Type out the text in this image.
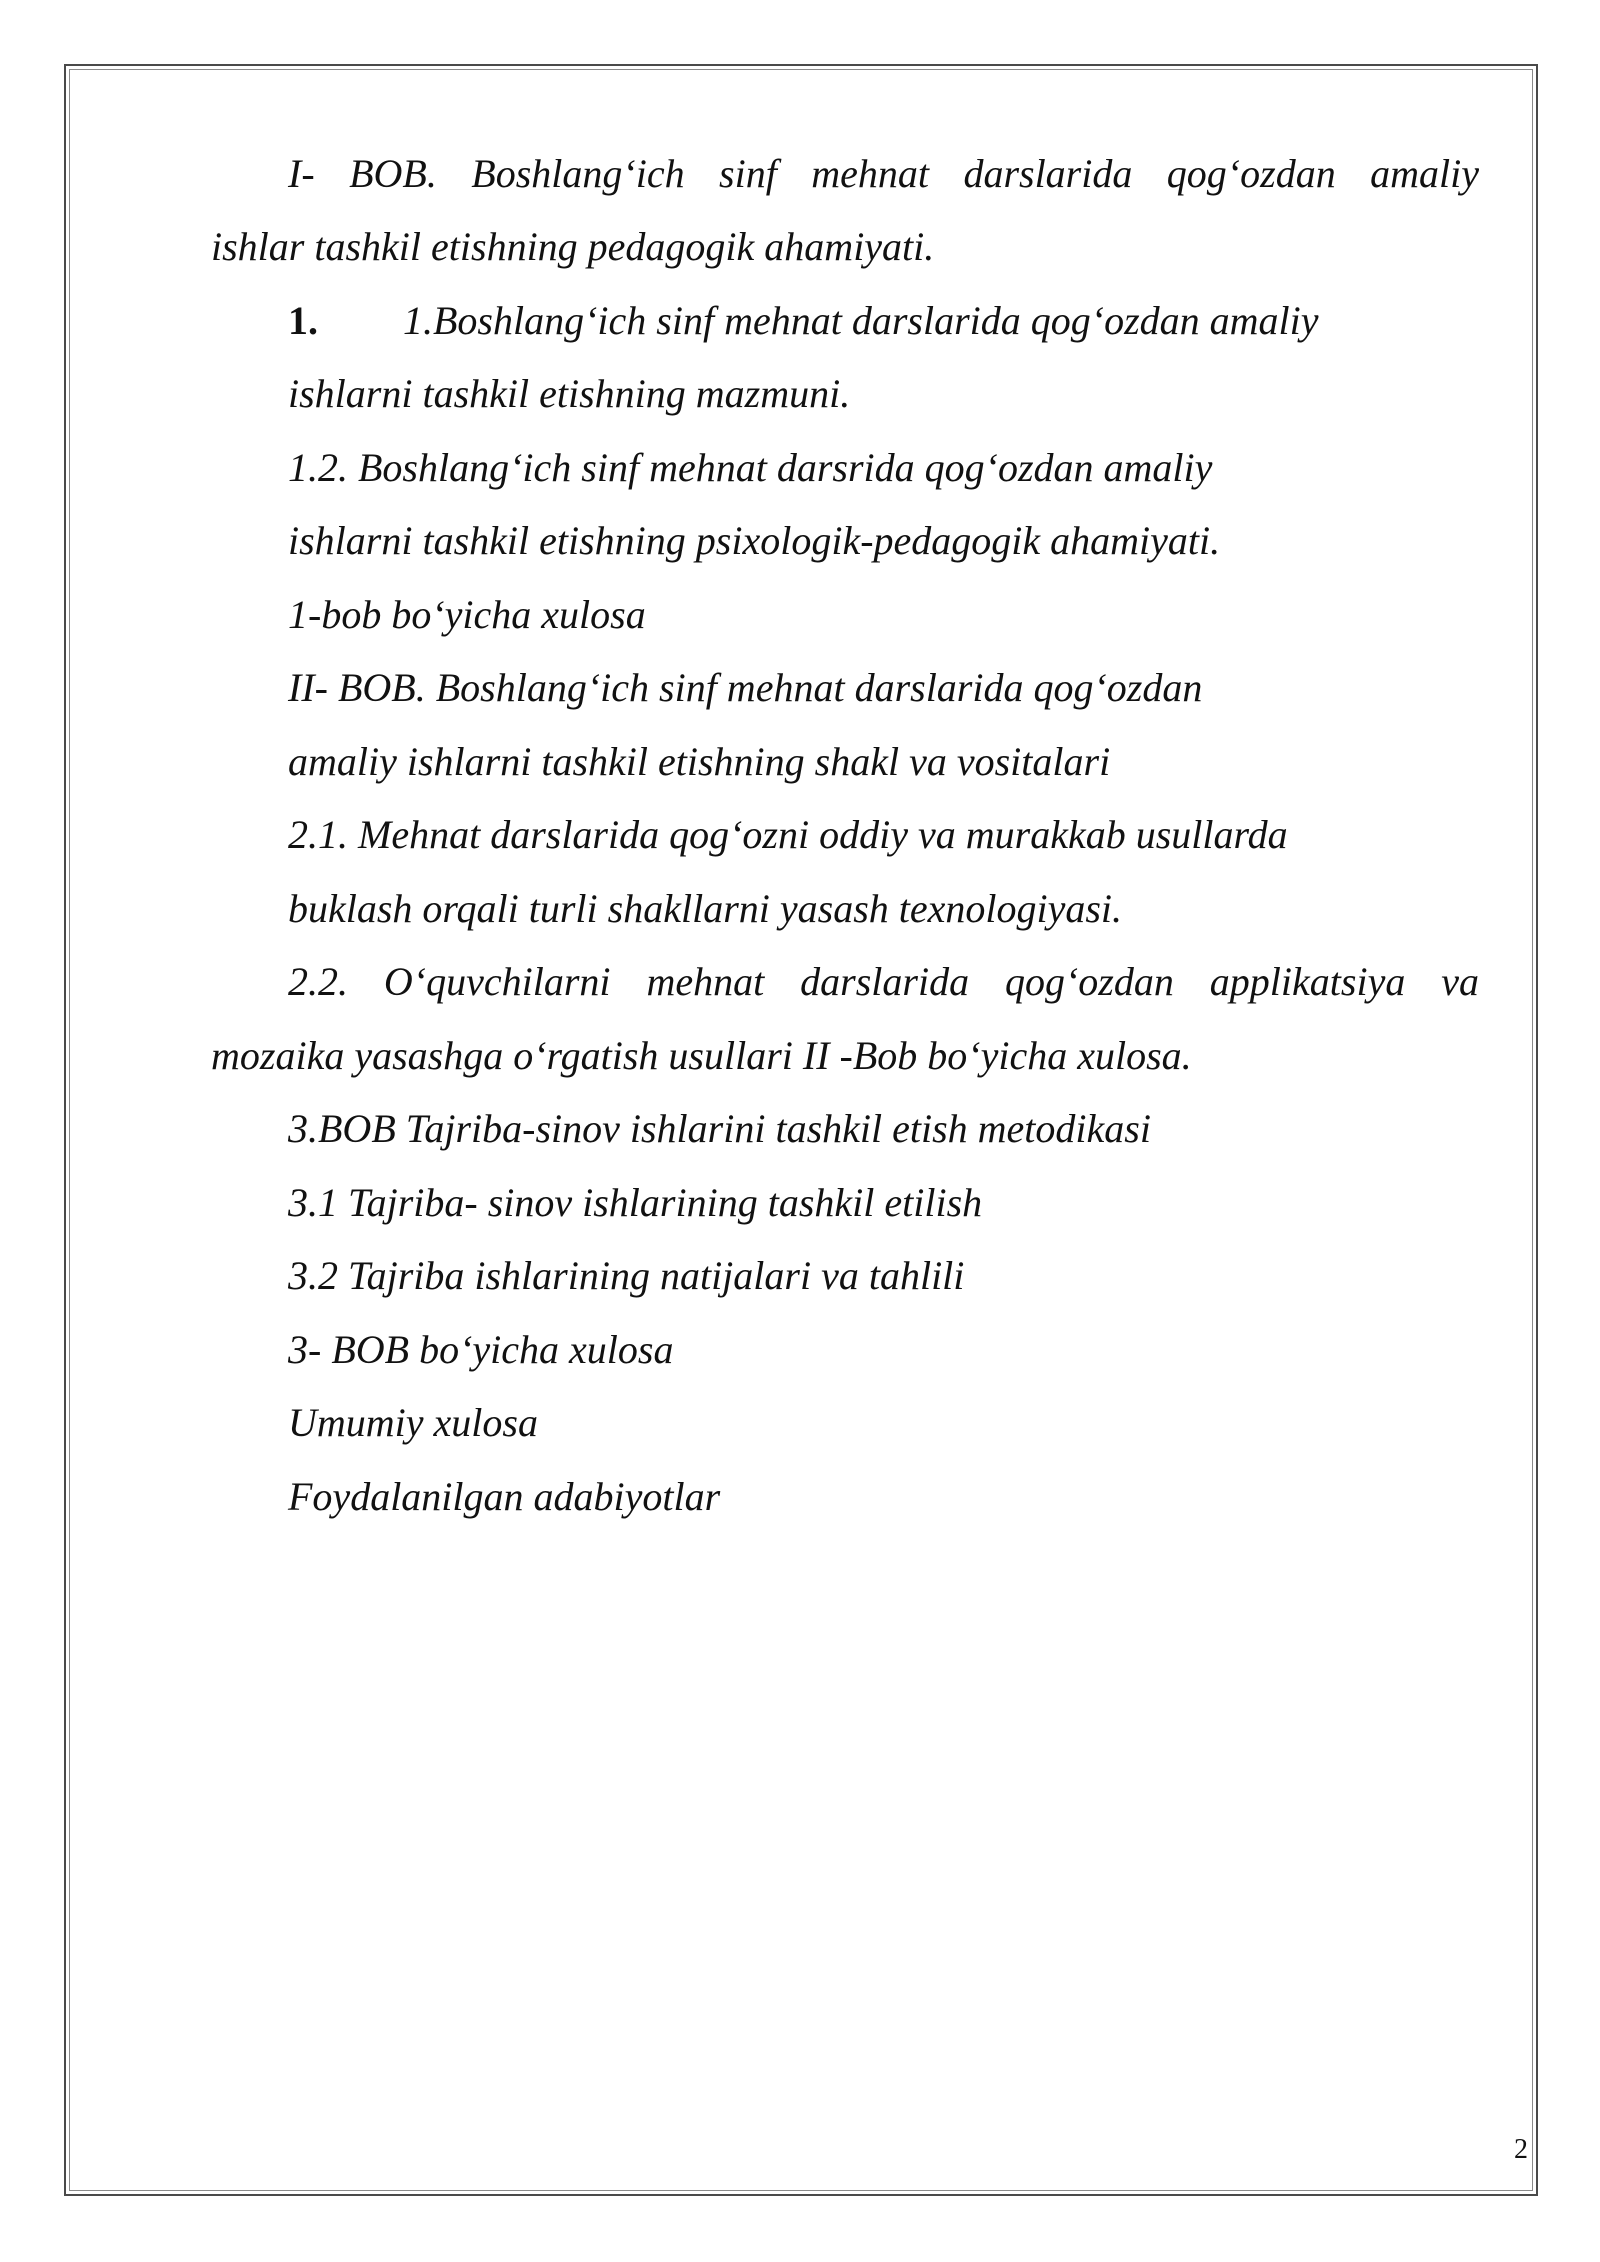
I- BOB. Boshlang‘ich sinf mehnat darslarida qog‘ozdan amaliy
ishlar tashkil etishning pedagogik ahamiyati.
1. 1.Boshlang‘ich sinf mehnat darslarida qog‘ozdan amaliy
ishlarni tashkil etishning mazmuni.
1.2. Boshlang‘ich sinf mehnat darsrida qog‘ozdan amaliy
ishlarni tashkil etishning psixologik-pedagogik ahamiyati.
1-bob bo‘yicha xulosa
II- BOB. Boshlang‘ich sinf mehnat darslarida qog‘ozdan
amaliy ishlarni tashkil etishning shakl va vositalari
2.1. Mehnat darslarida qog‘ozni oddiy va murakkab usullarda
buklash orqali turli shakllarni yasash texnologiyasi.
2.2. O‘quvchilarni mehnat darslarida qog‘ozdan applikatsiya va
mozaika yasashga o‘rgatish usullari II -Bob bo‘yicha xulosa.
3.BOB Tajriba-sinov ishlarini tashkil etish metodikasi
3.1 Tajriba- sinov ishlarining tashkil etilish
3.2 Tajriba ishlarining natijalari va tahlili
3- BOB bo‘yicha xulosa
Umumiy xulosa
Foydalanilgan adabiyotlar
2
